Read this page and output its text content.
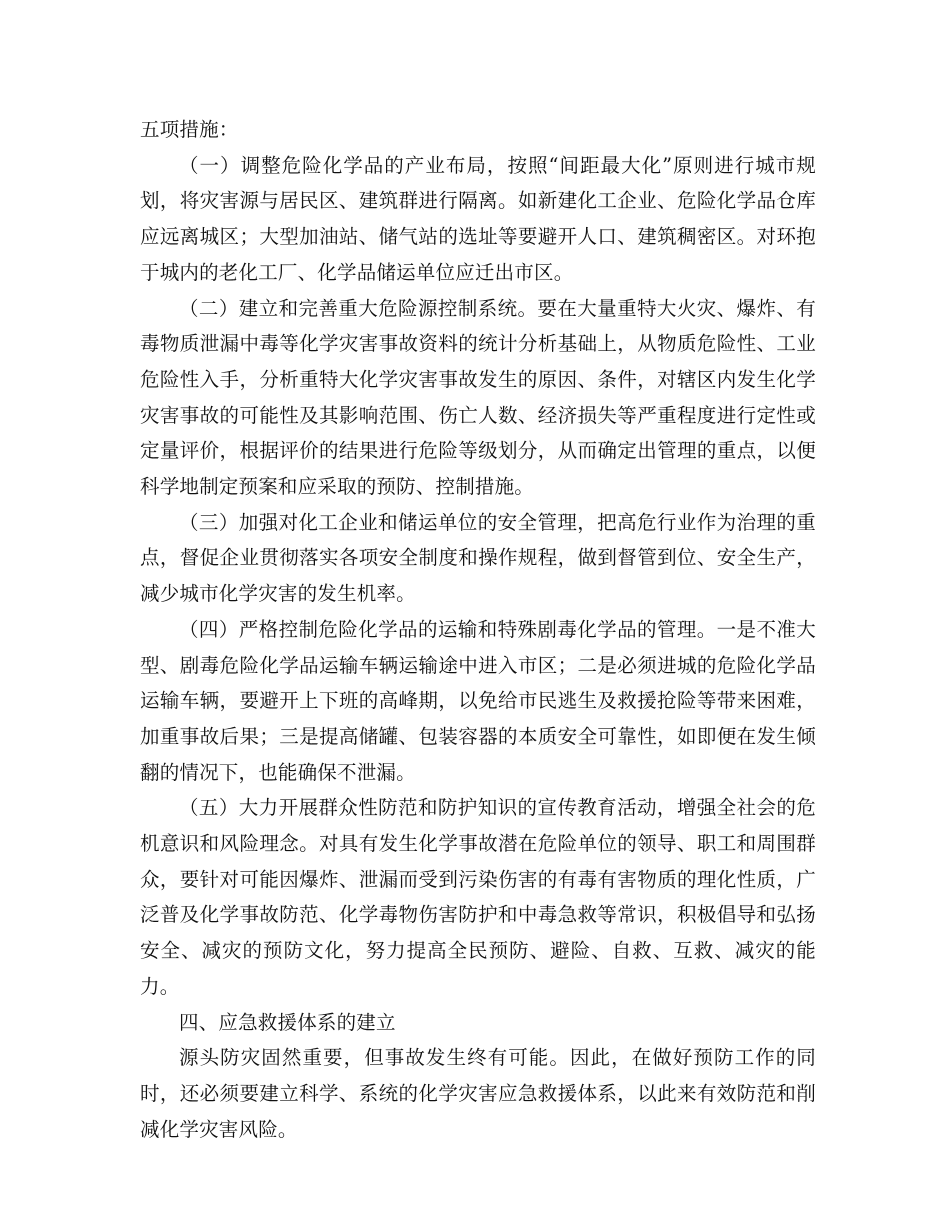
五项措施：

（一）调整危险化学品的产业布局，按照“间距最大化”原则进行城市规划，将灾害源与居民区、建筑群进行隔离。如新建化工企业、危险化学品仓库应远离城区；大型加油站、储气站的选址等要避开人口、建筑稠密区。对环抱于城内的老化工厂、化学品储运单位应迁出市区。

（二）建立和完善重大危险源控制系统。要在大量重特大火灾、爆炸、有毒物质泄漏中毒等化学灾害事故资料的统计分析基础上，从物质危险性、工业危险性入手，分析重特大化学灾害事故发生的原因、条件，对辖区内发生化学灾害事故的可能性及其影响范围、伤亡人数、经济损失等严重程度进行定性或定量评价，根据评价的结果进行危险等级划分，从而确定出管理的重点，以便科学地制定预案和应采取的预防、控制措施。

（三）加强对化工企业和储运单位的安全管理，把高危行业作为治理的重点，督促企业贯彻落实各项安全制度和操作规程，做到督管到位、安全生产，减少城市化学灾害的发生机率。

（四）严格控制危险化学品的运输和特殊剧毒化学品的管理。一是不准大型、剧毒危险化学品运输车辆运输途中进入市区；二是必须进城的危险化学品运输车辆，要避开上下班的高峰期，以免给市民逃生及救援抢险等带来困难，加重事故后果；三是提高储罐、包装容器的本质安全可靠性，如即便在发生倾翻的情况下，也能确保不泄漏。

（五）大力开展群众性防范和防护知识的宣传教育活动，增强全社会的危机意识和风险理念。对具有发生化学事故潜在危险单位的领导、职工和周围群众，要针对可能因爆炸、泄漏而受到污染伤害的有毒有害物质的理化性质，广泛普及化学事故防范、化学毒物伤害防护和中毒急救等常识，积极倡导和弘扬安全、减灾的预防文化，努力提高全民预防、避险、自救、互救、减灾的能力。

四、应急救援体系的建立

源头防灾固然重要，但事故发生终有可能。因此，在做好预防工作的同时，还必须要建立科学、系统的化学灾害应急救援体系，以此来有效防范和削减化学灾害风险。
